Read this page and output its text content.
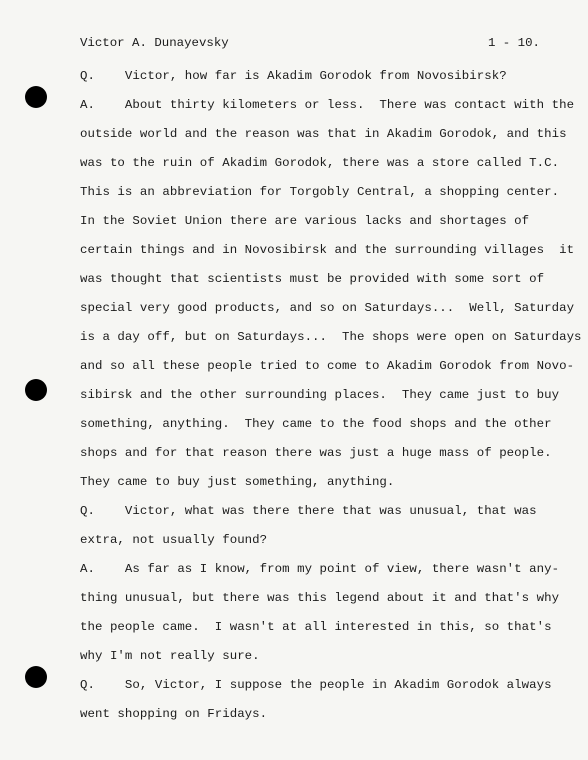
Victor A. Dunayevsky	1 - 10.
Q.    Victor, how far is Akadim Gorodok from Novosibirsk?
A.    About thirty kilometers or less.  There was contact with the
outside world and the reason was that in Akadim Gorodok, and this
was to the ruin of Akadim Gorodok, there was a store called T.C.
This is an abbreviation for Torgobly Central, a shopping center.
In the Soviet Union there are various lacks and shortages of
certain things and in Novosibirsk and the surrounding villages  it
was thought that scientists must be provided with some sort of
special very good products, and so on Saturdays...  Well, Saturday
is a day off, but on Saturdays...  The shops were open on Saturdays
and so all these people tried to come to Akadim Gorodok from Novo-
sibirsk and the other surrounding places.  They came just to buy
something, anything.  They came to the food shops and the other
shops and for that reason there was just a huge mass of people.
They came to buy just something, anything.
Q.    Victor, what was there there that was unusual, that was
extra, not usually found?
A.    As far as I know, from my point of view, there wasn't any-
thing unusual, but there was this legend about it and that's why
the people came.  I wasn't at all interested in this, so that's
why I'm not really sure.
Q.    So, Victor, I suppose the people in Akadim Gorodok always
went shopping on Fridays.
